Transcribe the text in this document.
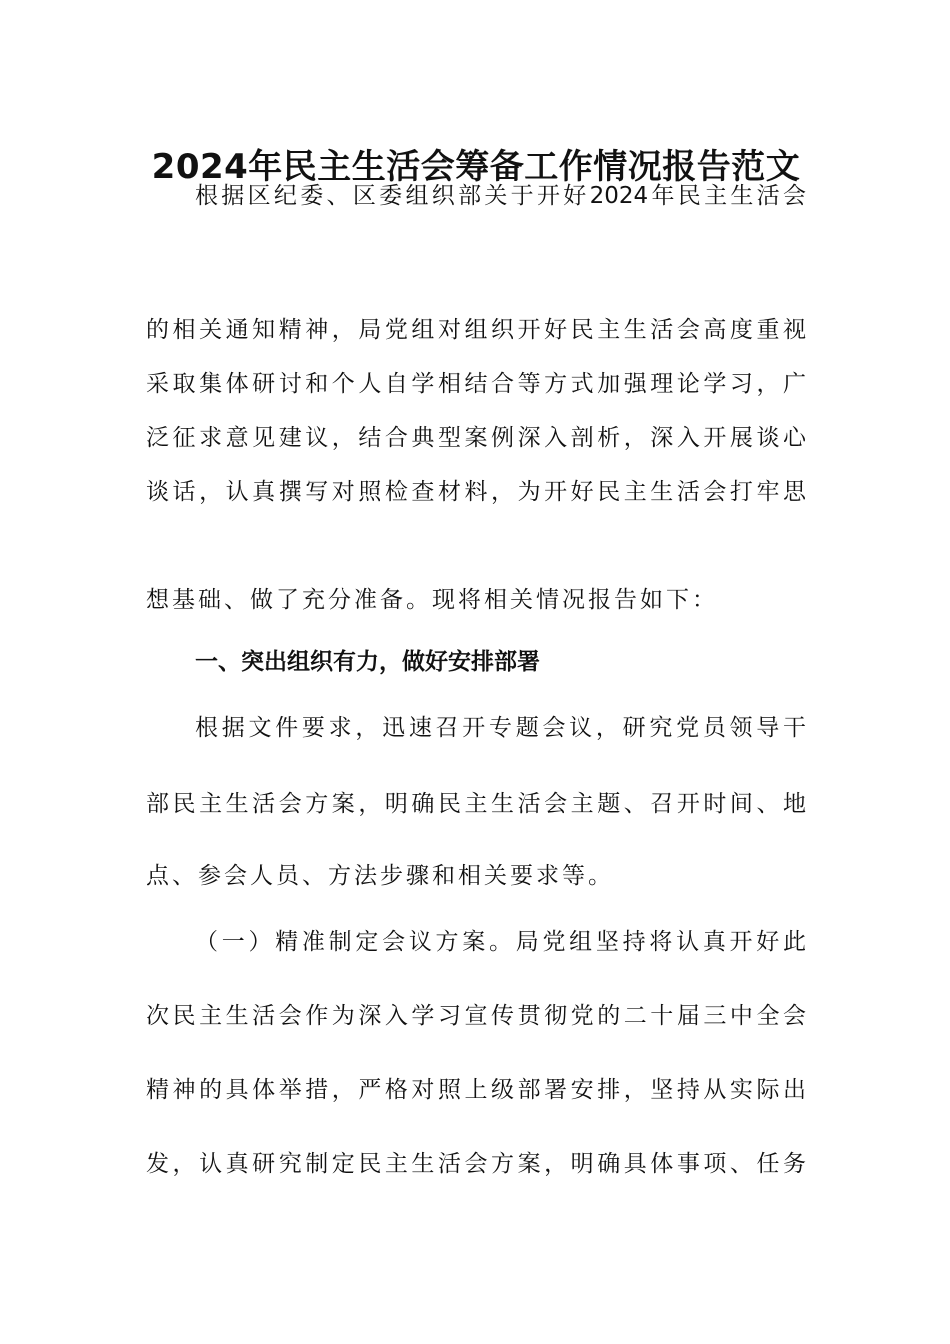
2024年民主生活会筹备工作情况报告范文
根据区纪委、区委组织部关于开好2024年民主生活会
的相关通知精神，局党组对组织开好民主生活会高度重视
采取集体研讨和个人自学相结合等方式加强理论学习，广
泛征求意见建议，结合典型案例深入剖析，深入开展谈心
谈话，认真撰写对照检查材料，为开好民主生活会打牢思
想基础、做了充分准备。现将相关情况报告如下：
一、突出组织有力，做好安排部署
根据文件要求，迅速召开专题会议，研究党员领导干
部民主生活会方案，明确民主生活会主题、召开时间、地
点、参会人员、方法步骤和相关要求等。
（一）精准制定会议方案。局党组坚持将认真开好此
次民主生活会作为深入学习宣传贯彻党的二十届三中全会
精神的具体举措，严格对照上级部署安排，坚持从实际出
发，认真研究制定民主生活会方案，明确具体事项、任务
